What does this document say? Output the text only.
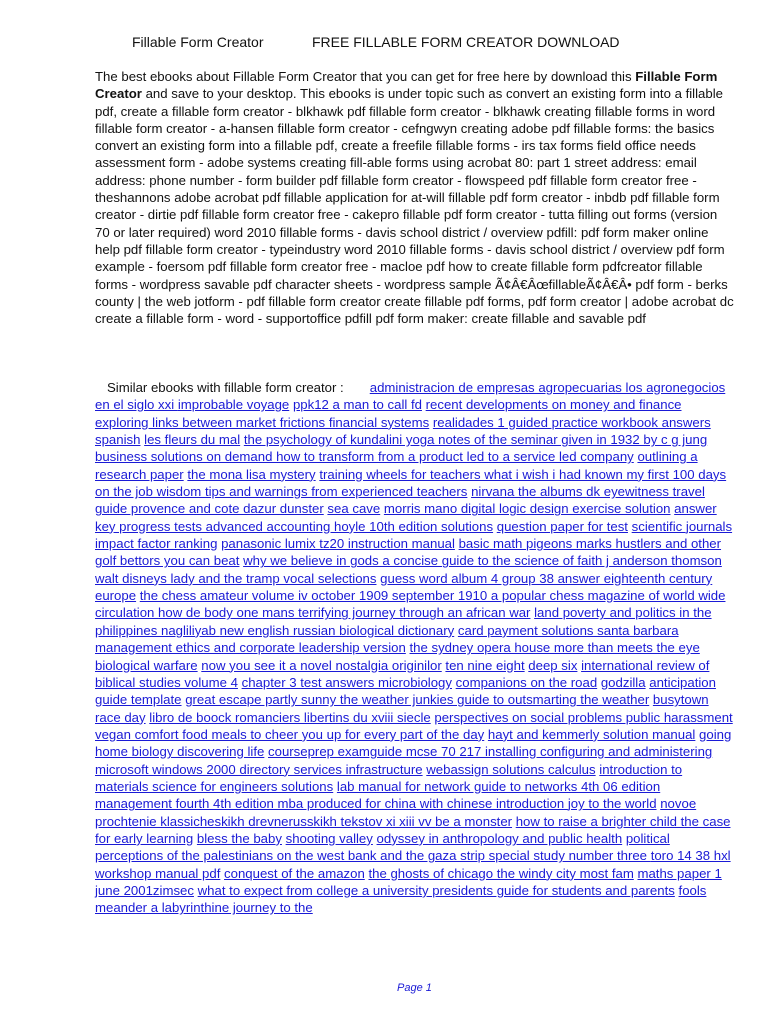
Fillable Form Creator	FREE FILLABLE FORM CREATOR DOWNLOAD

The best ebooks about Fillable Form Creator that you can get for free here by download this Fillable Form Creator and save to your desktop. This ebooks is under topic such as convert an existing form into a fillable pdf, create a fillable form creator - blkhawk pdf fillable form creator - blkhawk creating fillable forms in word fillable form creator - a-hansen fillable form creator - cefngwyn creating adobe pdf fillable forms: the basics convert an existing form into a fillable pdf, create a freefile fillable forms - irs tax forms field office needs assessment form - adobe systems creating fill-able forms using acrobat 80: part 1 street address: email address: phone number - form builder pdf fillable form creator - flowspeed pdf fillable form creator free - theshannons adobe acrobat pdf fillable application for at-will fillable pdf form creator - inbdb pdf fillable form creator - dirtie pdf fillable form creator free - cakepro fillable pdf form creator - tutta filling out forms (version 70 or later required) word 2010 fillable forms - davis school district / overview pdfill: pdf form maker online help pdf fillable form creator - typeindustry word 2010 fillable forms - davis school district / overview pdf form example - foersom pdf fillable form creator free - macloe pdf how to create fillable form pdfcreator fillable forms - wordpress savable pdf character sheets - wordpress sample Ã¢Â€ÂœfillableÃ¢Â€Â• pdf form - berks county | the web jotform - pdf fillable form creator create fillable pdf forms, pdf form creator | adobe acrobat dc create a fillable form - word - supportoffice pdfill pdf form maker: create fillable and savable pdf

Similar ebooks with fillable form creator : administracion de empresas agropecuarias los agronegocios en el siglo xxi improbable voyage ppk12 a man to call fd recent developments on money and finance exploring links between market frictions financial systems realidades 1 guided practice workbook answers spanish les fleurs du mal the psychology of kundalini yoga notes of the seminar given in 1932 by c g jung business solutions on demand how to transform from a product led to a service led company outlining a research paper the mona lisa mystery training wheels for teachers what i wish i had known my first 100 days on the job wisdom tips and warnings from experienced teachers nirvana the albums dk eyewitness travel guide provence and cote dazur dunster sea cave morris mano digital logic design exercise solution answer key progress tests advanced accounting hoyle 10th edition solutions question paper for test scientific journals impact factor ranking panasonic lumix tz20 instruction manual basic math pigeons marks hustlers and other golf bettors you can beat why we believe in gods a concise guide to the science of faith j anderson thomson walt disneys lady and the tramp vocal selections guess word album 4 group 38 answer eighteenth century europe the chess amateur volume iv october 1909 september 1910 a popular chess magazine of world wide circulation how de body one mans terrifying journey through an african war land poverty and politics in the philippines nagliliyab new english russian biological dictionary card payment solutions santa barbara management ethics and corporate leadership version the sydney opera house more than meets the eye biological warfare now you see it a novel nostalgia originilor ten nine eight deep six international review of biblical studies volume 4 chapter 3 test answers microbiology companions on the road godzilla anticipation guide template great escape partly sunny the weather junkies guide to outsmarting the weather busytown race day libro de boock romanciers libertins du xviii siecle perspectives on social problems public harassment vegan comfort food meals to cheer you up for every part of the day hayt and kemmerly solution manual going home biology discovering life courseprep examguide mcse 70 217 installing configuring and administering microsoft windows 2000 directory services infrastructure webassign solutions calculus introduction to materials science for engineers solutions lab manual for network guide to networks 4th 06 edition management fourth 4th edition mba produced for china with chinese introduction joy to the world novoe prochtenie klassicheskikh drevnerusskikh tekstov xi xiii vv be a monster how to raise a brighter child the case for early learning bless the baby shooting valley odyssey in anthropology and public health political perceptions of the palestinians on the west bank and the gaza strip special study number three toro 14 38 hxl workshop manual pdf conquest of the amazon the ghosts of chicago the windy city most fam maths paper 1 june 2001zimsec what to expect from college a university presidents guide for students and parents fools meander a labyrinthine journey to the

Page 1
